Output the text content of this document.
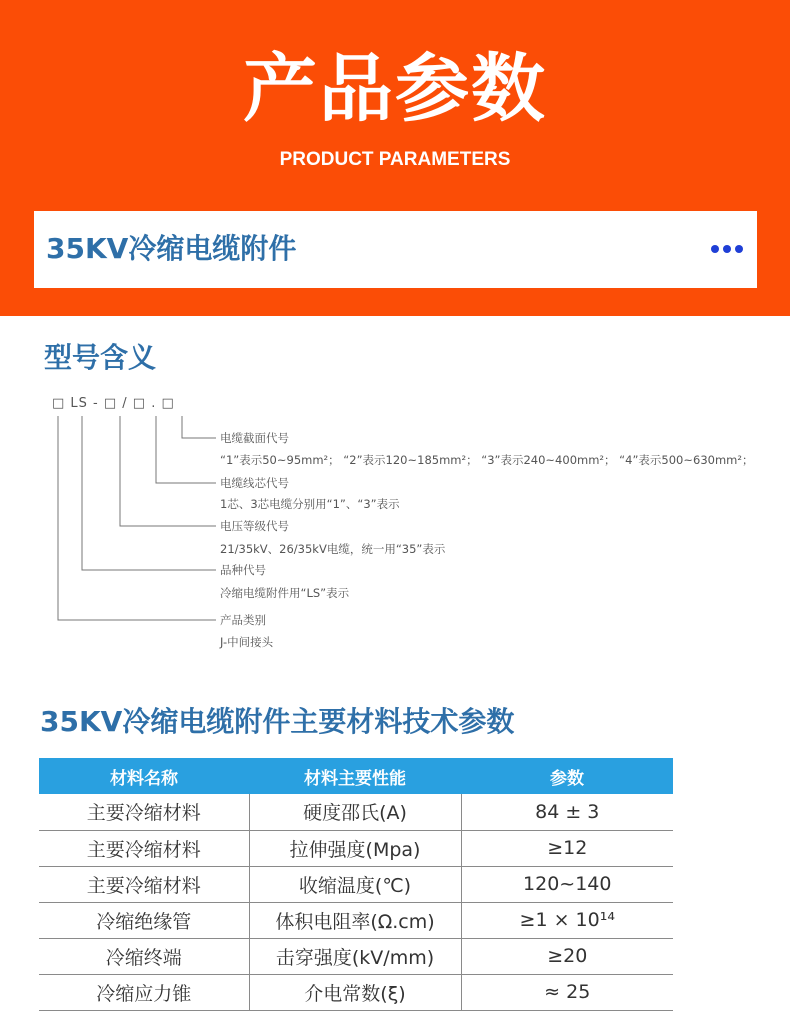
产品参数
PRODUCT PARAMETERS
35KV冷缩电缆附件
型号含义
□ LS - □ / □ . □
电缆截面代号
“1”表示50~95mm²； “2”表示120~185mm²； “3”表示240~400mm²； “4”表示500~630mm²；
电缆线芯代号
1芯、3芯电缆分别用“1”、“3”表示
电压等级代号
21/35kV、26/35kV电缆，统一用“35”表示
品种代号
冷缩电缆附件用“LS”表示
产品类别
J-中间接头
35KV冷缩电缆附件主要材料技术参数
材料名称	材料主要性能	参数
主要冷缩材料	硬度邵氏(A)	84 ± 3
主要冷缩材料	拉伸强度(Mpa)	≥12
主要冷缩材料	收缩温度(℃)	120~140
冷缩绝缘管	体积电阻率(Ω.cm)	≥1 × 10¹⁴
冷缩终端	击穿强度(kV/mm)	≥20
冷缩应力锥	介电常数(ξ)	≈ 25
